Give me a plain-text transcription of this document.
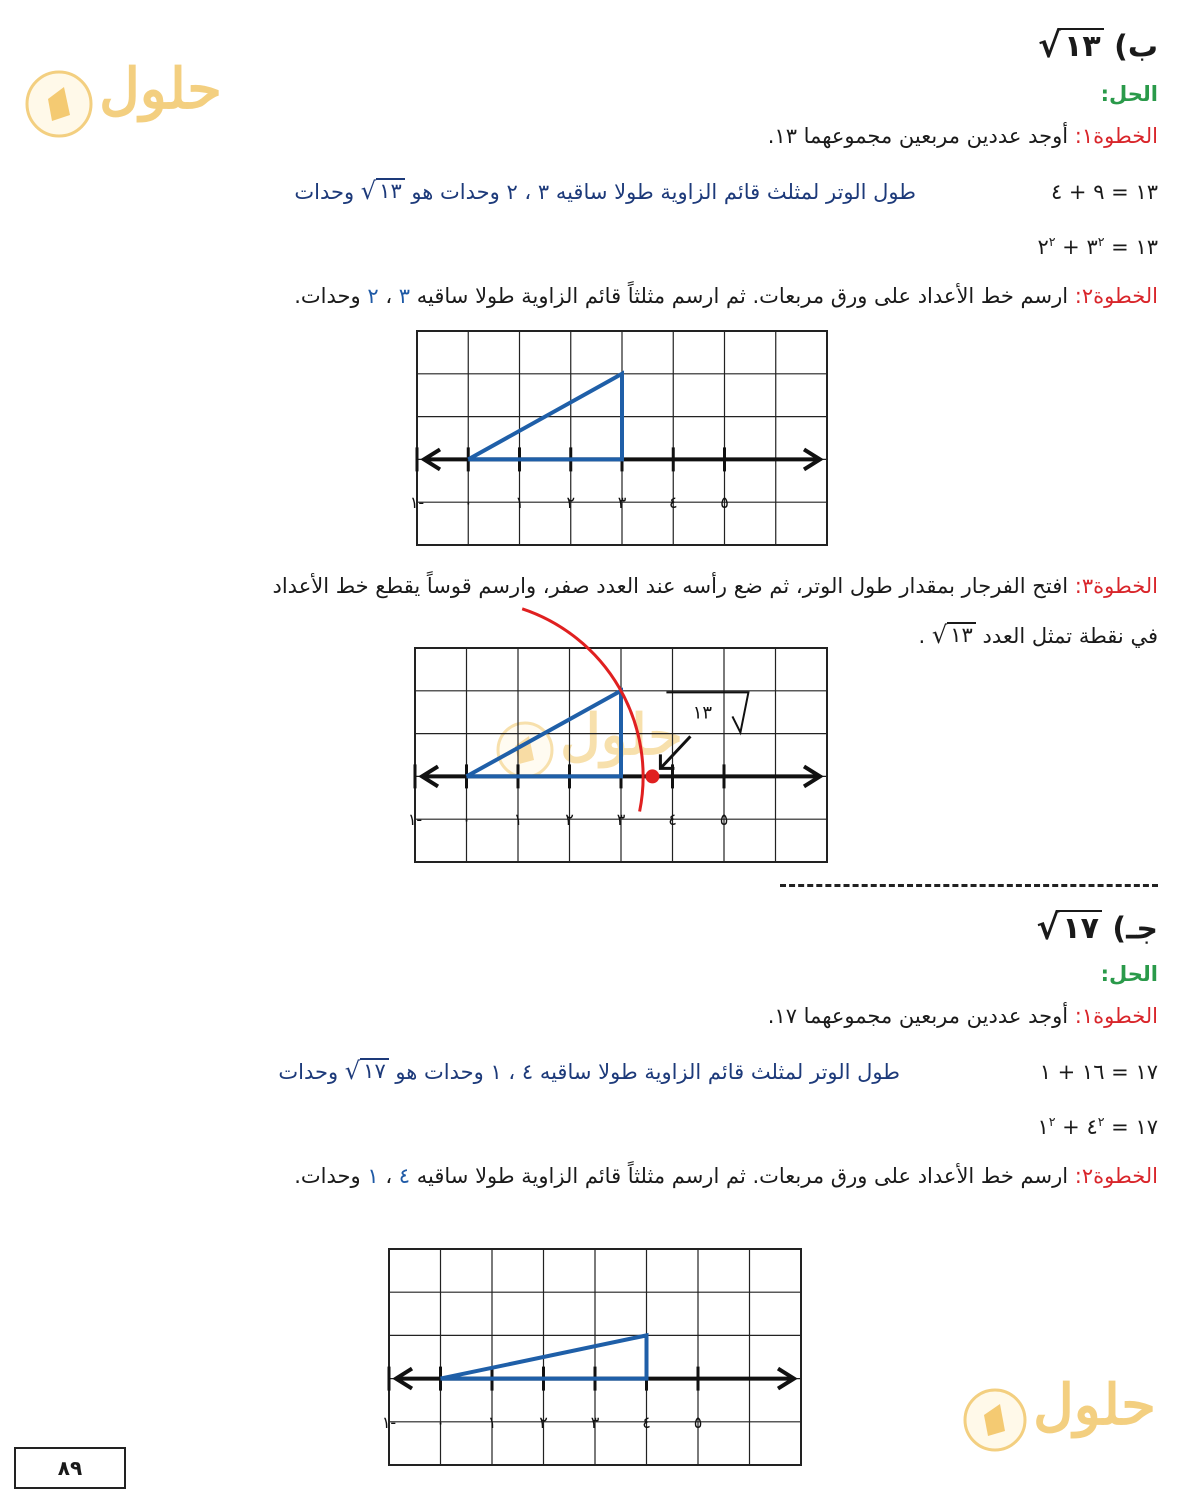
حلول
حلول
حلول
ب)
√ ١٣
الحل:
الخطوة١: أوجد عددين مربعين مجموعهما ١٣.
١٣ = ٩ + ٤
طول الوتر لمثلث قائم الزاوية طولا ساقيه ٣ ، ٢ وحدات هو
√ ١٣
وحدات
١٣ = $٣^٢$ + $٢^٢$
الخطوة٢: ارسم خط الأعداد على ورق مربعات. ثم ارسم مثلثاً قائم الزاوية طولا ساقيه ٣ ، ٢ وحدات.
١- ٠	١	٢	٣	٤	٥
الخطوة٣: افتح الفرجار بمقدار طول الوتر، ثم ضع رأسه عند العدد صفر، وارسم قوساً يقطع خط الأعداد
في نقطة تمثل العدد
√ ١٣
.
١-	٠	١	٢	٣	٤	٥
١٣
جـ)
√ ١٧
الحل:
الخطوة١: أوجد عددين مربعين مجموعهما ١٧.
١٧ = ١٦ + ١
طول الوتر لمثلث قائم الزاوية طولا ساقيه ٤ ، ١ وحدات هو
√ ١٧
وحدات
١٧ = $٤^٢$ + $١^٢$
الخطوة٢: ارسم خط الأعداد على ورق مربعات. ثم ارسم مثلثاً قائم الزاوية طولا ساقيه ٤ ، ١ وحدات.
١-	٠	١	٢	٣	٤	٥
٨٩
